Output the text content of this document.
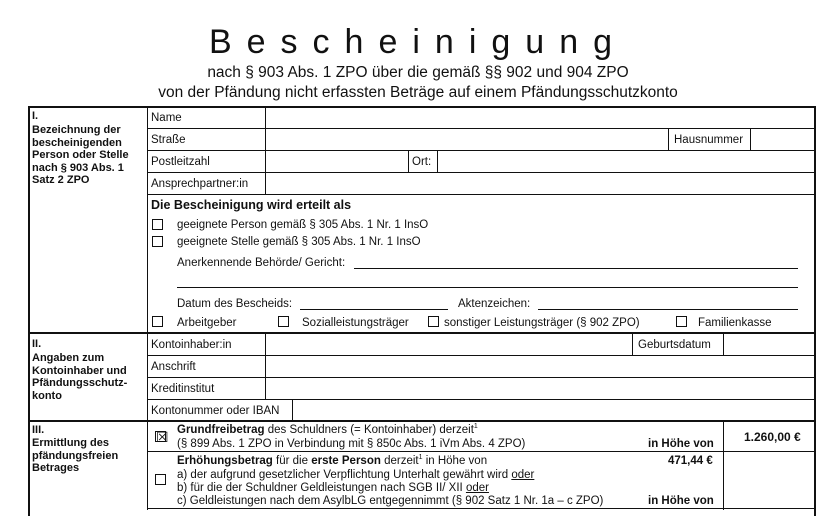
Bescheinigung
nach § 903 Abs. 1 ZPO über die gemäß §§ 902 und 904 ZPO
von der Pfändung nicht erfassten Beträge auf einem Pfändungsschutzkonto
I.
Bezeichnung der bescheinigenden Person oder Stelle nach § 903 Abs. 1 Satz 2 ZPO
Name
Straße	Hausnummer
Postleitzahl	Ort:
Ansprechpartner:in
Die Bescheinigung wird erteilt als
geeignete Person gemäß § 305 Abs. 1 Nr. 1 InsO
geeignete Stelle gemäß § 305 Abs. 1 Nr. 1 InsO
Anerkennende Behörde/ Gericht:
Datum des Bescheids:	Aktenzeichen:
Arbeitgeber	Sozialleistungsträger	sonstiger Leistungsträger (§ 902 ZPO)	Familienkasse
II.
Angaben zum Kontoinhaber und Pfändungsschutz-konto
Kontoinhaber:in	Geburtsdatum
Anschrift
Kreditinstitut
Kontonummer oder IBAN
III.
Ermittlung des pfändungsfreien Betrages
☒ Grundfreibetrag des Schuldners (= Kontoinhaber) derzeit$^1$
(§ 899 Abs. 1 ZPO in Verbindung mit § 850c Abs. 1 iVm Abs. 4 ZPO)	in Höhe von	1.260,00 €
Erhöhungsbetrag für die erste Person derzeit$^1$ in Höhe von	471,44 €
a) der aufgrund gesetzlicher Verpflichtung Unterhalt gewährt wird oder
b) für die der Schuldner Geldleistungen nach SGB II/ XII oder
c) Geldleistungen nach dem AsylbLG entgegennimmt (§ 902 Satz 1 Nr. 1a – c ZPO)	in Höhe von
